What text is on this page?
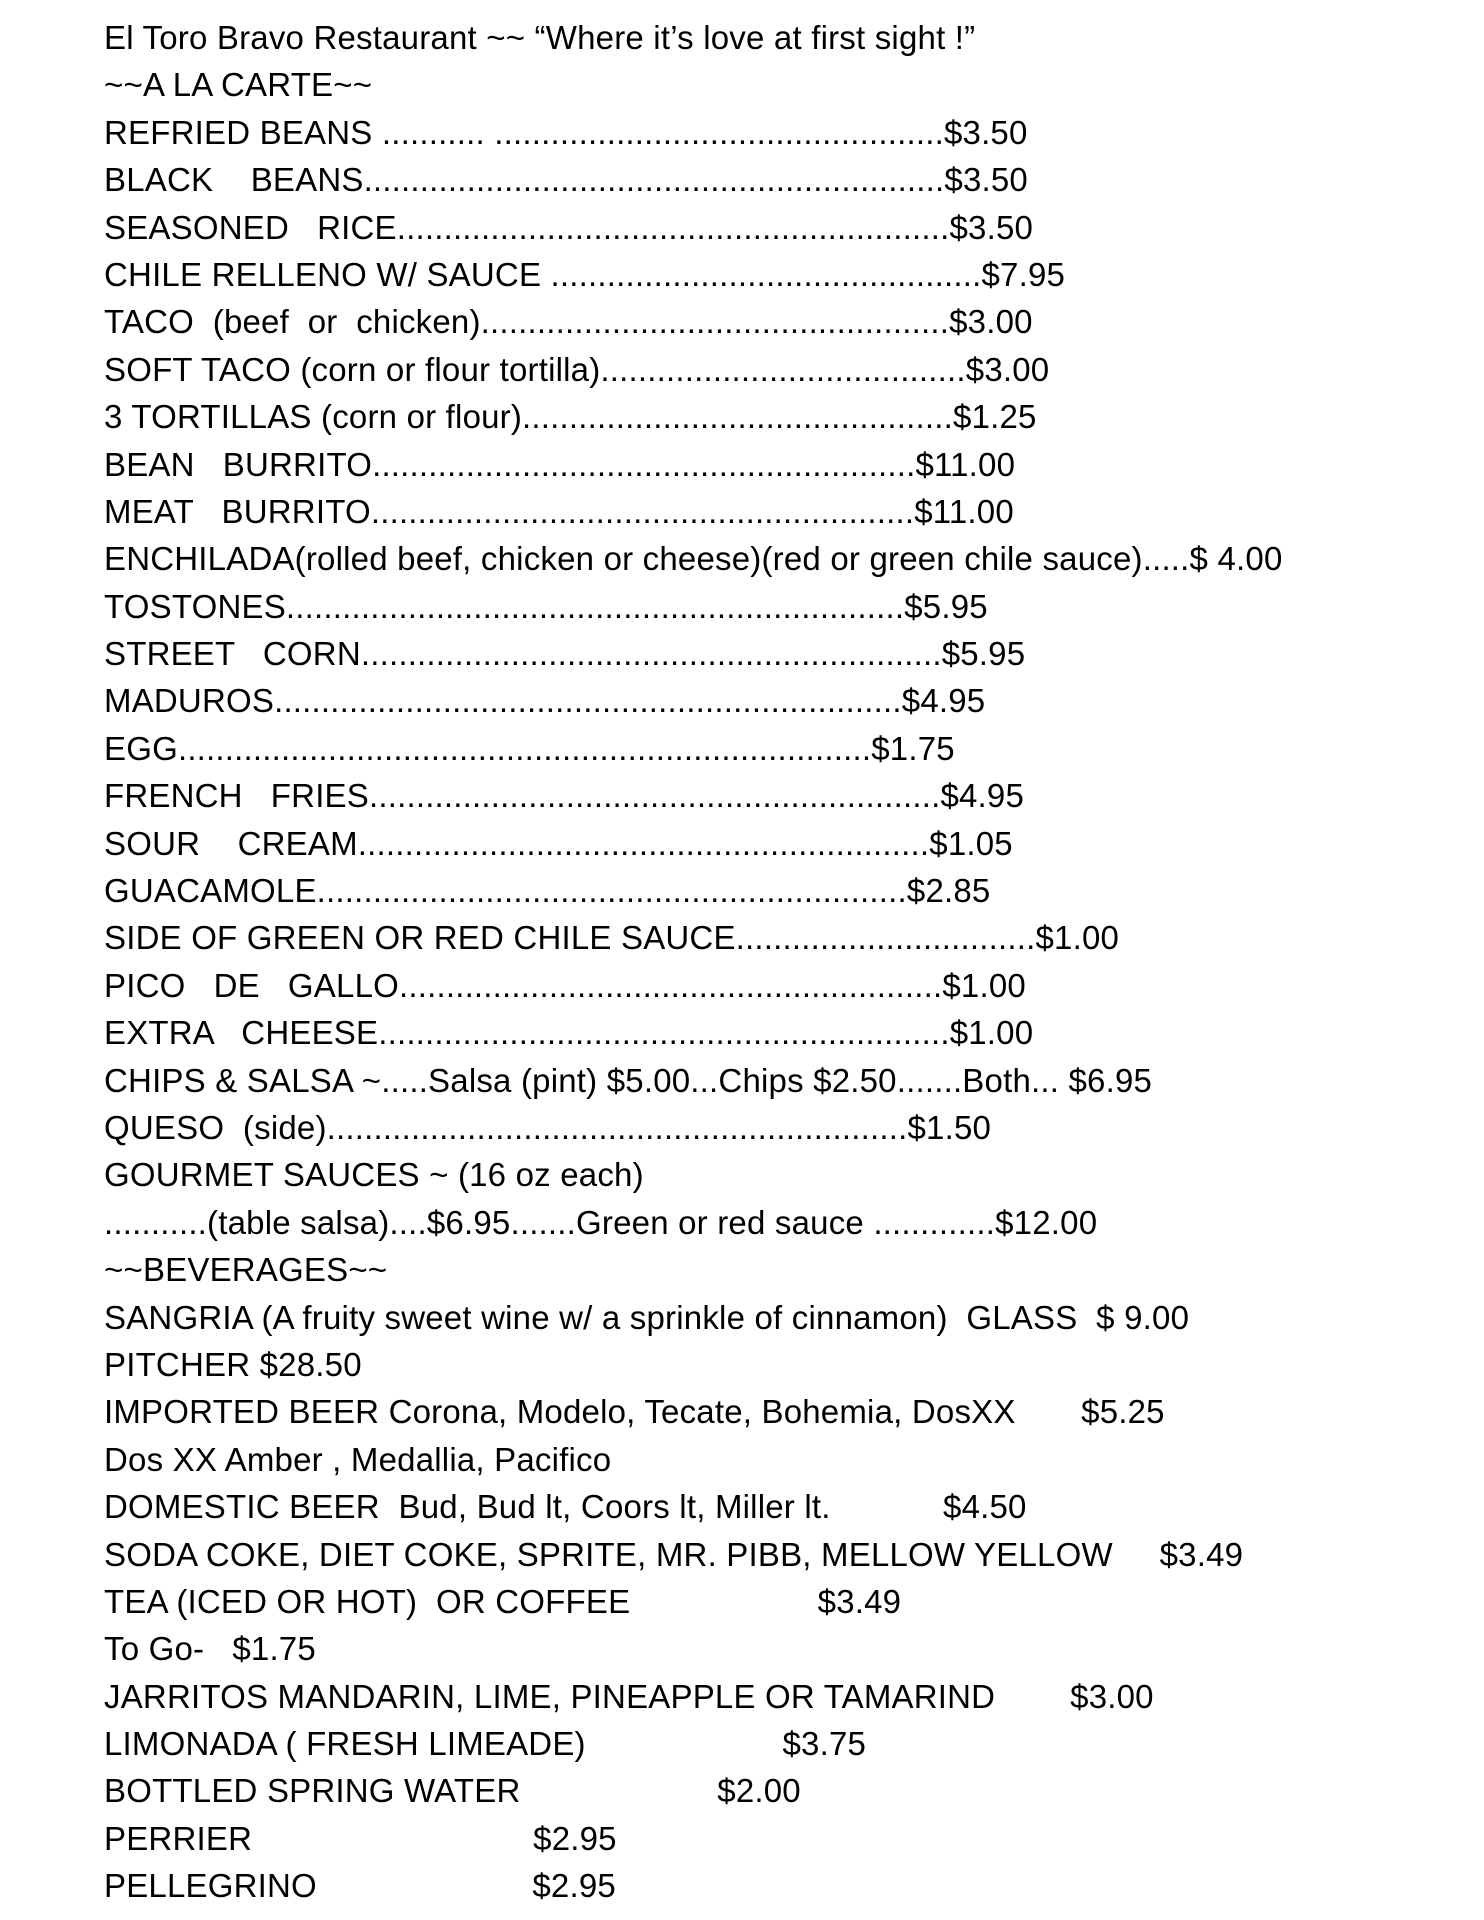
El Toro Bravo Restaurant ~~ “Where it’s love at first sight !”
~~A LA CARTE~~
REFRIED BEANS ........... ................................................$3.50
BLACK    BEANS..............................................................$3.50
SEASONED   RICE...........................................................$3.50
CHILE RELLENO W/ SAUCE ..............................................$7.95
TACO  (beef  or  chicken)..................................................$3.00
SOFT TACO (corn or flour tortilla).......................................$3.00
3 TORTILLAS (corn or flour)..............................................$1.25
BEAN   BURRITO..........................................................$11.00
MEAT   BURRITO..........................................................$11.00
ENCHILADA(rolled beef, chicken or cheese)(red or green chile sauce).....$ 4.00
TOSTONES..................................................................$5.95
STREET   CORN..............................................................$5.95
MADUROS...................................................................$4.95
EGG..........................................................................$1.75
FRENCH   FRIES.............................................................$4.95
SOUR    CREAM.............................................................$1.05
GUACAMOLE...............................................................$2.85
SIDE OF GREEN OR RED CHILE SAUCE................................$1.00
PICO   DE   GALLO..........................................................$1.00
EXTRA   CHEESE.............................................................$1.00
CHIPS & SALSA ~.....Salsa (pint) $5.00...Chips $2.50.......Both... $6.95
QUESO  (side)..............................................................$1.50
GOURMET SAUCES ~ (16 oz each)
...........(table salsa)....$6.95.......Green or red sauce .............$12.00
~~BEVERAGES~~
SANGRIA (A fruity sweet wine w/ a sprinkle of cinnamon)  GLASS  $ 9.00
PITCHER $28.50
IMPORTED BEER Corona, Modelo, Tecate, Bohemia, DosXX       $5.25
Dos XX Amber , Medallia, Pacifico
DOMESTIC BEER  Bud, Bud lt, Coors lt, Miller lt.            $4.50
SODA COKE, DIET COKE, SPRITE, MR. PIBB, MELLOW YELLOW     $3.49
TEA (ICED OR HOT)  OR COFFEE                    $3.49
To Go-   $1.75
JARRITOS MANDARIN, LIME, PINEAPPLE OR TAMARIND        $3.00
LIMONADA ( FRESH LIMEADE)                     $3.75
BOTTLED SPRING WATER                     $2.00
PERRIER                              $2.95
PELLEGRINO                       $2.95
